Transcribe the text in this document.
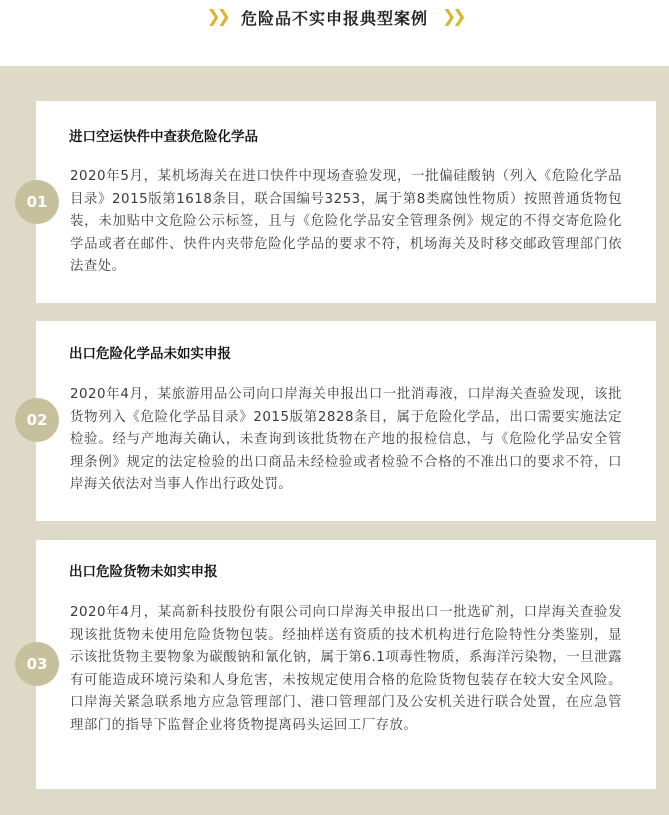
❯❯ 危险品不实申报典型案例 ❯❯
进口空运快件中查获危险化学品
2020年5月，某机场海关在进口快件中现场查验发现，一批偏硅酸钠（列入《危险化学品目录》2015版第1618条目，联合国编号3253，属于第8类腐蚀性物质）按照普通货物包装，未加贴中文危险公示标签，且与《危险化学品安全管理条例》规定的不得交寄危险化学品或者在邮件、快件内夹带危险化学品的要求不符，机场海关及时移交邮政管理部门依法查处。
01
出口危险化学品未如实申报
2020年4月，某旅游用品公司向口岸海关申报出口一批消毒液，口岸海关查验发现，该批货物列入《危险化学品目录》2015版第2828条目，属于危险化学品，出口需要实施法定检验。经与产地海关确认，未查询到该批货物在产地的报检信息，与《危险化学品安全管理条例》规定的法定检验的出口商品未经检验或者检验不合格的不准出口的要求不符，口岸海关依法对当事人作出行政处罚。
02
出口危险货物未如实申报
2020年4月，某高新科技股份有限公司向口岸海关申报出口一批选矿剂，口岸海关查验发现该批货物未使用危险货物包装。经抽样送有资质的技术机构进行危险特性分类鉴别，显示该批货物主要物象为碳酸钠和氰化钠，属于第6.1项毒性物质，系海洋污染物，一旦泄露有可能造成环境污染和人身危害，未按规定使用合格的危险货物包装存在较大安全风险。口岸海关紧急联系地方应急管理部门、港口管理部门及公安机关进行联合处置，在应急管理部门的指导下监督企业将货物提离码头运回工厂存放。
03
